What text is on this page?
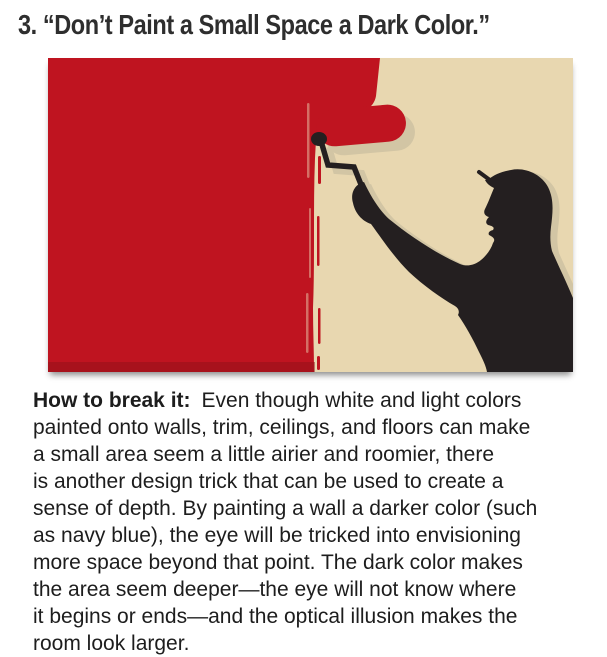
3. “Don’t Paint a Small Space a Dark Color.”
How to break it: Even though white and light colors
painted onto walls, trim, ceilings, and floors can make
a small area seem a little airier and roomier, there
is another design trick that can be used to create a
sense of depth. By painting a wall a darker color (such
as navy blue), the eye will be tricked into envisioning
more space beyond that point. The dark color makes
the area seem deeper—the eye will not know where
it begins or ends—and the optical illusion makes the
room look larger.
